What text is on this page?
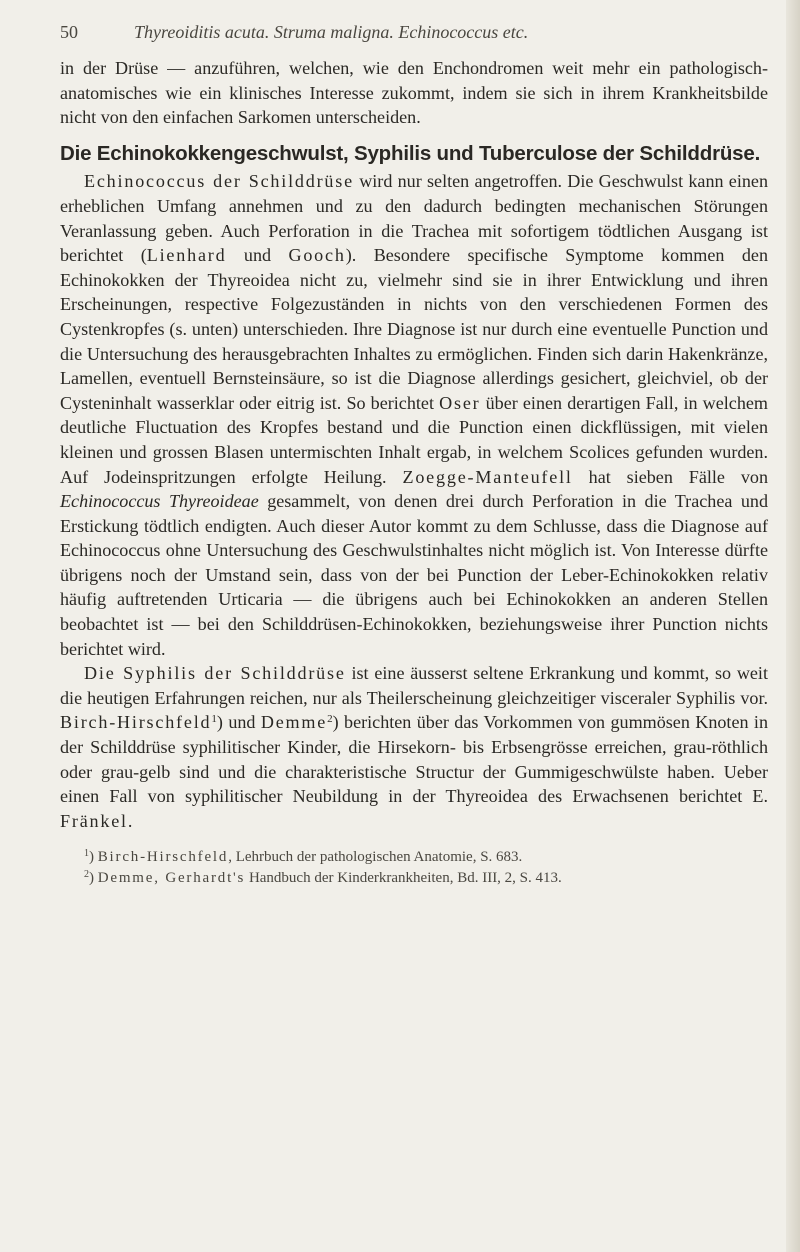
50	Thyreoiditis acuta. Struma maligna. Echinococcus etc.

in der Drüse — anzuführen, welchen, wie den Enchondromen weit mehr ein pathologisch-anatomisches wie ein klinisches Interesse zukommt, indem sie sich in ihrem Krankheitsbilde nicht von den einfachen Sarkomen unterscheiden.

Die Echinokokkengeschwulst, Syphilis und Tuberculose der Schilddrüse.

Echinococcus der Schilddrüse wird nur selten angetroffen. Die Geschwulst kann einen erheblichen Umfang annehmen und zu den dadurch bedingten mechanischen Störungen Veranlassung geben. Auch Perforation in die Trachea mit sofortigem tödtlichen Ausgang ist berichtet (Lienhard und Gooch). Besondere specifische Symptome kommen den Echinokokken der Thyreoidea nicht zu, vielmehr sind sie in ihrer Entwicklung und ihren Erscheinungen, respective Folgezuständen in nichts von den verschiedenen Formen des Cystenkropfes (s. unten) unterschieden. Ihre Diagnose ist nur durch eine eventuelle Punction und die Untersuchung des herausgebrachten Inhaltes zu ermöglichen. Finden sich darin Hakenkränze, Lamellen, eventuell Bernsteinsäure, so ist die Diagnose allerdings gesichert, gleichviel, ob der Cysteninhalt wasserklar oder eitrig ist. So berichtet Oser über einen derartigen Fall, in welchem deutliche Fluctuation des Kropfes bestand und die Punction einen dickflüssigen, mit vielen kleinen und grossen Blasen untermischten Inhalt ergab, in welchem Scolices gefunden wurden. Auf Jodeinspritzungen erfolgte Heilung. Zoegge-Manteufell hat sieben Fälle von Echinococcus Thyreoideae gesammelt, von denen drei durch Perforation in die Trachea und Erstickung tödtlich endigten. Auch dieser Autor kommt zu dem Schlusse, dass die Diagnose auf Echinococcus ohne Untersuchung des Geschwulstinhaltes nicht möglich ist. Von Interesse dürfte übrigens noch der Umstand sein, dass von der bei Punction der Leber-Echinokokken relativ häufig auftretenden Urticaria — die übrigens auch bei Echinokokken an anderen Stellen beobachtet ist — bei den Schilddrüsen-Echinokokken, beziehungsweise ihrer Punction nichts berichtet wird.

Die Syphilis der Schilddrüse ist eine äusserst seltene Erkrankung und kommt, so weit die heutigen Erfahrungen reichen, nur als Theilerscheinung gleichzeitiger visceraler Syphilis vor. Birch-Hirschfeld$^1$) und Demme$^2$) berichten über das Vorkommen von gummösen Knoten in der Schilddrüse syphilitischer Kinder, die Hirsekorn- bis Erbsengrösse erreichen, grau-röthlich oder grau-gelb sind und die charakteristische Structur der Gummigeschwülste haben. Ueber einen Fall von syphilitischer Neubildung in der Thyreoidea des Erwachsenen berichtet E. Fränkel.

$^1$) Birch-Hirschfeld, Lehrbuch der pathologischen Anatomie, S. 683.

$^2$) Demme, Gerhardt's Handbuch der Kinderkrankheiten, Bd. III, 2, S. 413.
